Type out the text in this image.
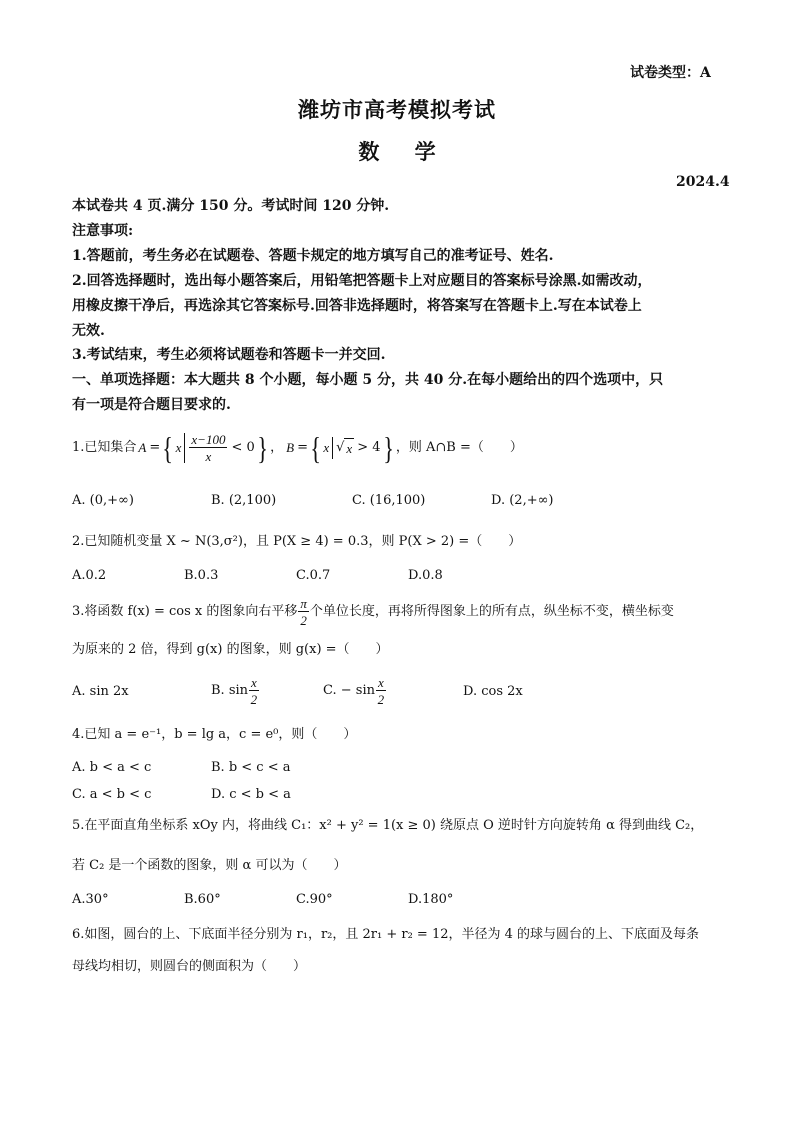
试卷类型：A
潍坊市高考模拟考试
数 学
2024.4
本试卷共 4 页.满分 150 分。考试时间 120 分钟.
注意事项:
1.答题前，考生务必在试题卷、答题卡规定的地方填写自己的准考证号、姓名.
2.回答选择题时，选出每小题答案后，用铅笔把答题卡上对应题目的答案标号涂黑.如需改动，
用橡皮擦干净后，再选涂其它答案标号.回答非选择题时，将答案写在答题卡上.写在本试卷上
无效.
3.考试结束，考生必须将试题卷和答题卡一并交回.
一、单项选择题：本大题共 8 个小题，每小题 5 分，共 40 分.在每小题给出的四个选项中，只
有一项是符合题目要求的.
1.已知集合 A = { x $\frac{x-100}{x} < 0$ } ， B = { x √ x > 4 } ，则 A∩B =（　　）
A. (0,+∞)	B. (2,100)	C. (16,100)	D. (2,+∞)
2.已知随机变量 X ~ N(3,σ²)，且 P(X ≥ 4) = 0.3，则 P(X > 2) =（　　）
A.0.2	B.0.3	C.0.7	D.0.8
3.将函数 f(x) = cos x 的图象向右平移 $\frac{\pi}{2}$ 个单位长度，再将所得图象上的所有点，纵坐标不变，横坐标变
为原来的 2 倍，得到 g(x) 的图象，则 g(x) =（　　）
A. sin 2x	B. $\sin \frac{x}{2}$	C. − $\sin \frac{x}{2}$	D. cos 2x
4.已知 a = e⁻¹，b = lg a，c = e⁰，则（　　）
A. b < a < c	B. b < c < a
C. a < b < c	D. c < b < a
5.在平面直角坐标系 xOy 内，将曲线 C₁：x² + y² = 1(x ≥ 0) 绕原点 O 逆时针方向旋转角 α 得到曲线 C₂，
若 C₂ 是一个函数的图象，则 α 可以为（　　）
A.30°	B.60°	C.90°	D.180°
6.如图，圆台的上、下底面半径分别为 r₁，r₂，且 2r₁ + r₂ = 12，半径为 4 的球与圆台的上、下底面及每条
母线均相切，则圆台的侧面积为（　　）
